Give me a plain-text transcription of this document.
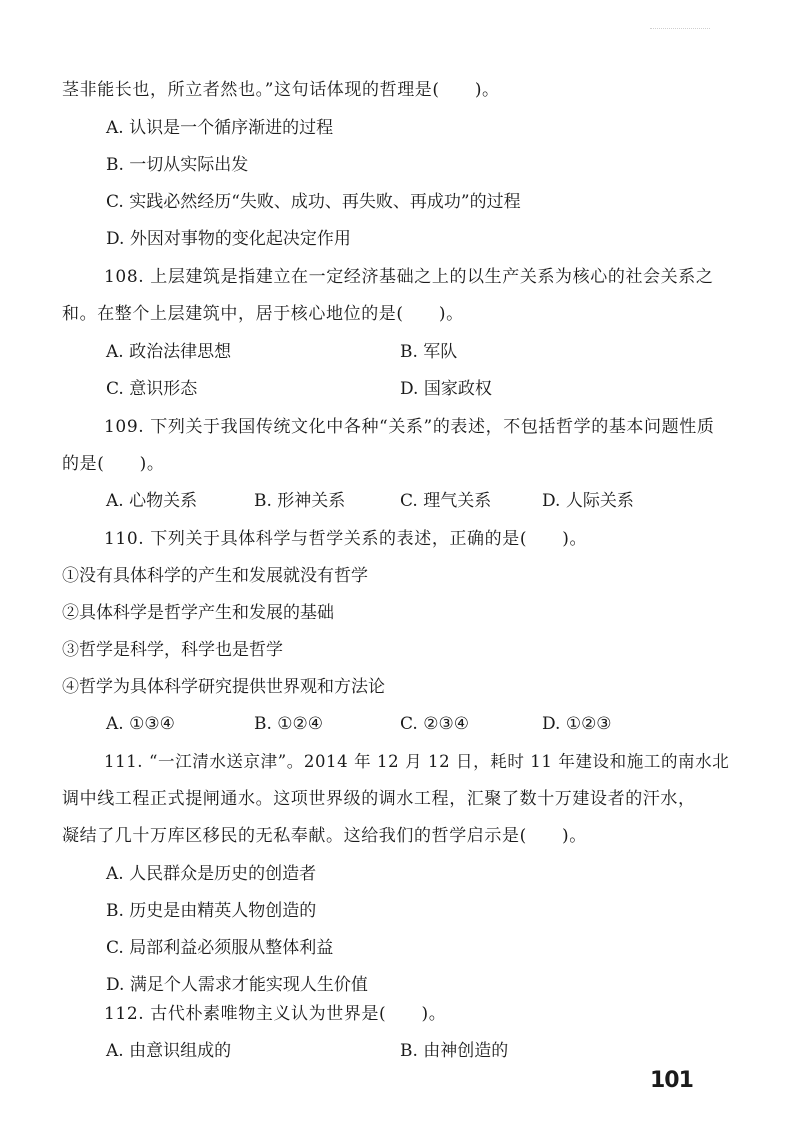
茎非能长也，所立者然也。”这句话体现的哲理是(　　)。
A. 认识是一个循序渐进的过程
B. 一切从实际出发
C. 实践必然经历“失败、成功、再失败、再成功”的过程
D. 外因对事物的变化起决定作用
108. 上层建筑是指建立在一定经济基础之上的以生产关系为核心的社会关系之
和。在整个上层建筑中，居于核心地位的是(　　)。
A. 政治法律思想	B. 军队
C. 意识形态	D. 国家政权
109. 下列关于我国传统文化中各种“关系”的表述，不包括哲学的基本问题性质
的是(　　)。
A. 心物关系	B. 形神关系	C. 理气关系	D. 人际关系
110. 下列关于具体科学与哲学关系的表述，正确的是(　　)。
①没有具体科学的产生和发展就没有哲学
②具体科学是哲学产生和发展的基础
③哲学是科学，科学也是哲学
④哲学为具体科学研究提供世界观和方法论
A. ①③④	B. ①②④	C. ②③④	D. ①②③
111. “一江清水送京津”。2014 年 12 月 12 日，耗时 11 年建设和施工的南水北
调中线工程正式提闸通水。这项世界级的调水工程，汇聚了数十万建设者的汗水，
凝结了几十万库区移民的无私奉献。这给我们的哲学启示是(　　)。
A. 人民群众是历史的创造者
B. 历史是由精英人物创造的
C. 局部利益必须服从整体利益
D. 满足个人需求才能实现人生价值
112. 古代朴素唯物主义认为世界是(　　)。
A. 由意识组成的	B. 由神创造的
101
